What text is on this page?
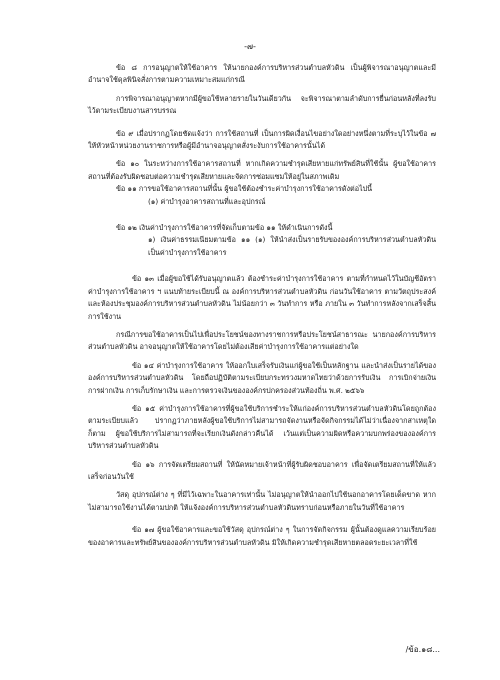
-๗-

ข้อ ๘ การอนุญาตให้ใช้อาคาร ให้นายกองค์การบริหารส่วนตำบลหัวดิน เป็นผู้พิจารณาอนุญาตและมีอำนาจใช้ดุลพินิจสั่งการตามความเหมาะสมแก่กรณี

การพิจารณาอนุญาตหากมีผู้ขอใช้หลายรายในวันเดียวกัน จะพิจารณาตามลำดับการยื่นก่อนหลังที่ลงรับไว้ตามระเบียบงานสารบรรณ

ข้อ ๙ เมื่อปรากฏโดยชัดแจ้งว่า การใช้สถานที่ เป็นการผิดเงื่อนไขอย่างใดอย่างหนึ่งตามที่ระบุไว้ในข้อ ๗ ให้หัวหน้าหน่วยงานราชการหรือผู้มีอำนาจอนุญาตสั่งระงับการใช้อาคารนั้นได้

ข้อ ๑๐ ในระหว่างการใช้อาคารสถานที่ หากเกิดความชำรุดเสียหายแก่ทรัพย์สินที่ใช้นั้น ผู้ขอใช้อาคารสถานที่ต้องรับผิดชอบต่อความชำรุดเสียหายและจัดการซ่อมแซมให้อยู่ในสภาพเดิม

ข้อ ๑๑ การขอใช้อาคารสถานที่นั้น ผู้ขอใช้ต้องชำระค่าบำรุงการใช้อาคารดังต่อไปนี้

(๑) ค่าบำรุงอาคารสถานที่และอุปกรณ์

ข้อ ๑๒ เงินค่าบำรุงการใช้อาคารที่จัดเก็บตามข้อ ๑๑ ให้ดำเนินการดังนี้

๑) เงินค่าธรรมเนียมตามข้อ ๑๑ (๑) ให้นำส่งเป็นรายรับขององค์การบริหารส่วนตำบลหัวดิน เป็นค่าบำรุงการใช้อาคาร

ข้อ ๑๓ เมื่อผู้ขอใช้ได้รับอนุญาตแล้ว ต้องชำระค่าบำรุงการใช้อาคาร ตามที่กำหนดไว้ในบัญชีอัตราค่าบำรุงการใช้อาคาร ฯ แนบท้ายระเบียบนี้ ณ องค์การบริหารส่วนตำบลหัวดิน ก่อนวันใช้อาคาร ตามวัตถุประสงค์ และห้องประชุมองค์การบริหารส่วนตำบลหัวดิน ไม่น้อยกว่า ๓ วันทำการ หรือ ภายใน ๓ วันทำการหลังจากเสร็จสิ้นการใช้งาน

กรณีการขอใช้อาคารเป็นไปเพื่อประโยชน์ของทางราชการหรือประโยชน์สาธารณะ นายกองค์การบริหารส่วนตำบลหัวดิน อาจอนุญาตให้ใช้อาคารโดยไม่ต้องเสียค่าบำรุงการใช้อาคารแต่อย่างใด

ข้อ ๑๔ ค่าบำรุงการใช้อาคาร ให้ออกใบเสร็จรับเงินแก่ผู้ขอใช้เป็นหลักฐาน และนำส่งเป็นรายได้ขององค์การบริหารส่วนตำบลหัวดิน โดยถือปฏิบัติตามระเบียบกระทรวงมหาดไทยว่าด้วยการรับเงิน การเบิกจ่ายเงิน การฝากเงิน การเก็บรักษาเงิน และการตรวจเงินขององค์กรปกครองส่วนท้องถิ่น พ.ศ. ๒๕๖๖

ข้อ ๑๕ ค่าบำรุงการใช้อาคารที่ผู้ขอใช้บริการชำระให้แก่องค์การบริหารส่วนตำบลหัวดินโดยถูกต้องตามระเบียบแล้ว ปรากฏว่าภายหลังผู้ขอใช้บริการไม่สามารถจัดงานหรือจัดกิจกรรมได้ไม่ว่าเนื่องจากสาเหตุใดก็ตาม ผู้ขอใช้บริการไม่สามารถที่จะเรียกเงินดังกล่าวคืนได้ เว้นแต่เป็นความผิดหรือความบกพร่องขององค์การบริหารส่วนตำบลหัวดิน

ข้อ ๑๖ การจัดเตรียมสถานที่ ให้นัดหมายเจ้าหน้าที่ผู้รับผิดชอบอาคาร เพื่อจัดเตรียมสถานที่ให้แล้วเสร็จก่อนวันใช้

วัสดุ อุปกรณ์ต่าง ๆ ที่มีไว้เฉพาะในอาคารเท่านั้น ไม่อนุญาตให้นำออกไปใช้นอกอาคารโดยเด็ดขาด หากไม่สามารถใช้งานได้ตามปกติ ให้แจ้งองค์การบริหารส่วนตำบลหัวดินทราบก่อนหรือภายในวันที่ใช้อาคาร

ข้อ ๑๗ ผู้ขอใช้อาคารและขอใช้วัสดุ อุปกรณ์ต่าง ๆ ในการจัดกิจกรรม ผู้นั้นต้องดูแลความเรียบร้อยของอาคารและทรัพย์สินขององค์การบริหารส่วนตำบลหัวดิน มิให้เกิดความชำรุดเสียหายตลอดระยะเวลาที่ใช้

/ข้อ.๑๘...
